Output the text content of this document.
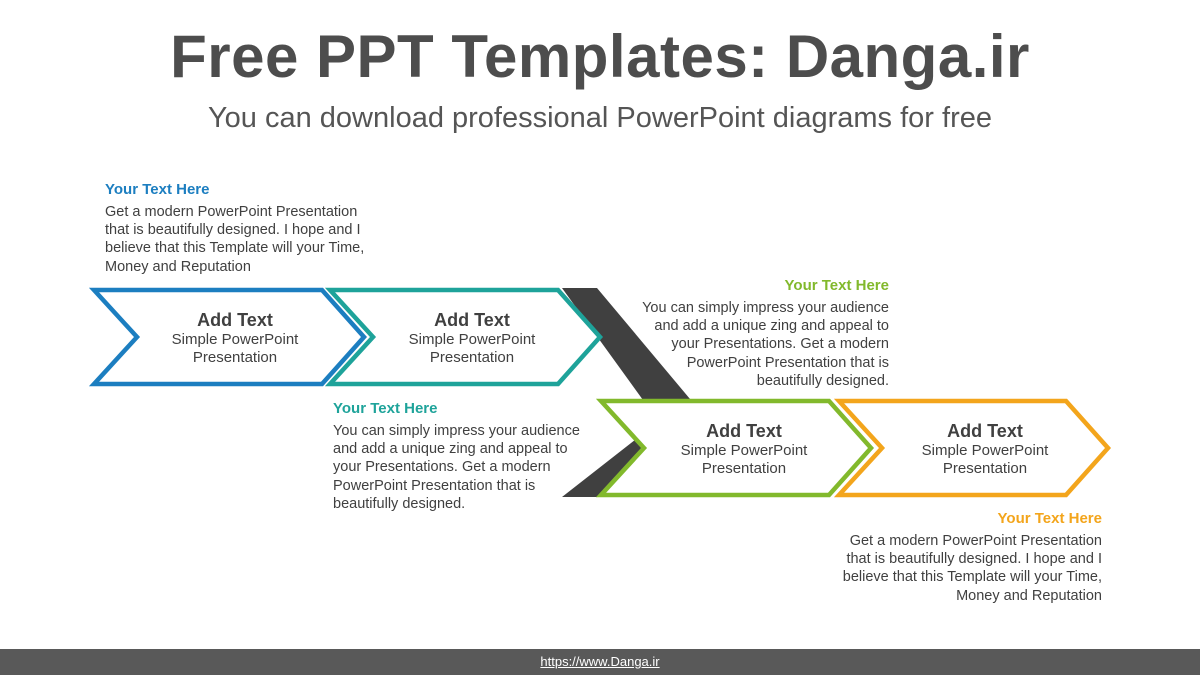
Free PPT Templates: Danga.ir
You can download professional PowerPoint diagrams for free
Add Text
Simple PowerPoint
Presentation
Add Text
Simple PowerPoint
Presentation
Add Text
Simple PowerPoint
Presentation
Add Text
Simple PowerPoint
Presentation
Your Text Here
Get a modern PowerPoint Presentation
that is beautifully designed. I hope and I
believe that this Template will your Time,
Money and Reputation
Your Text Here
You can simply impress your audience
and add a unique zing and appeal to
your Presentations. Get a modern
PowerPoint Presentation that is
beautifully designed.
Your Text Here
You can simply impress your audience
and add a unique zing and appeal to
your Presentations. Get a modern
PowerPoint Presentation that is
beautifully designed.
Your Text Here
Get a modern PowerPoint Presentation
that is beautifully designed. I hope and I
believe that this Template will your Time,
Money and Reputation
https://www.Danga.ir
